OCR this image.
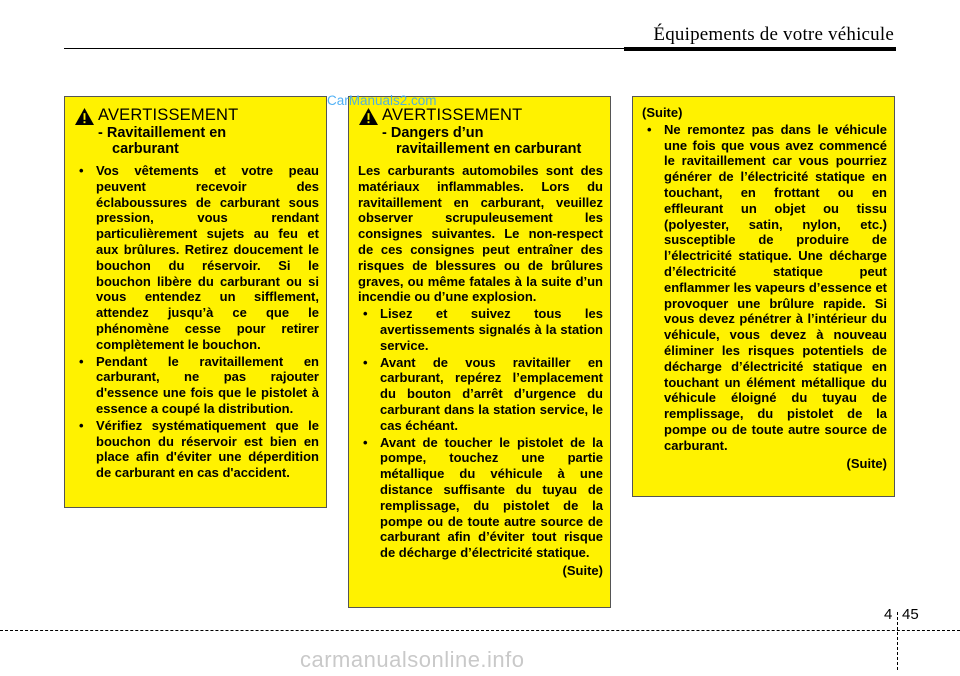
Équipements de votre véhicule
AVERTISSEMENT
- Ravitaillement en
carburant
• Vos vêtements et votre peau peuvent recevoir des éclaboussures de carburant sous pression, vous rendant particulièrement sujets au feu et aux brûlures. Retirez doucement le bouchon du réservoir. Si le bouchon libère du carburant ou si vous entendez un sifflement, attendez jusqu’à ce que le phénomène cesse pour retirer complètement le bouchon.
• Pendant le ravitaillement en carburant, ne pas rajouter d'essence une fois que le pistolet à essence a coupé la distribution.
• Vérifiez systématiquement que le bouchon du réservoir est bien en place afin d'éviter une déperdition de carburant en cas d'accident.
AVERTISSEMENT
- Dangers d’un
ravitaillement en carburant
Les carburants automobiles sont des matériaux inflammables. Lors du ravitaillement en carburant, veuillez observer scrupuleusement les consignes suivantes. Le non-respect de ces consignes peut entraîner des risques de blessures ou de brûlures graves, ou même fatales à la suite d’un incendie ou d’une explosion.
• Lisez et suivez tous les avertissements signalés à la station service.
• Avant de vous ravitailler en carburant, repérez l’emplacement du bouton d’arrêt d’urgence du carburant dans la station service, le cas échéant.
• Avant de toucher le pistolet de la pompe, touchez une partie métallique du véhicule à une distance suffisante du tuyau de remplissage, du pistolet de la pompe ou de toute autre source de carburant afin d’éviter tout risque de décharge d’électricité statique.
(Suite)
(Suite)
• Ne remontez pas dans le véhicule une fois que vous avez commencé le ravitaillement car vous pourriez générer de l’électricité statique en touchant, en frottant ou en effleurant un objet ou tissu (polyester, satin, nylon, etc.) susceptible de produire de l’électricité statique. Une décharge d’électricité statique peut enflammer les vapeurs d’essence et provoquer une brûlure rapide. Si vous devez pénétrer à l’intérieur du véhicule, vous devez à nouveau éliminer les risques potentiels de décharge d’électricité statique en touchant un élément métallique du véhicule éloigné du tuyau de remplissage, du pistolet de la pompe ou de toute autre source de carburant.
(Suite)
CarManuals2.com
4 45
carmanualsonline.info
